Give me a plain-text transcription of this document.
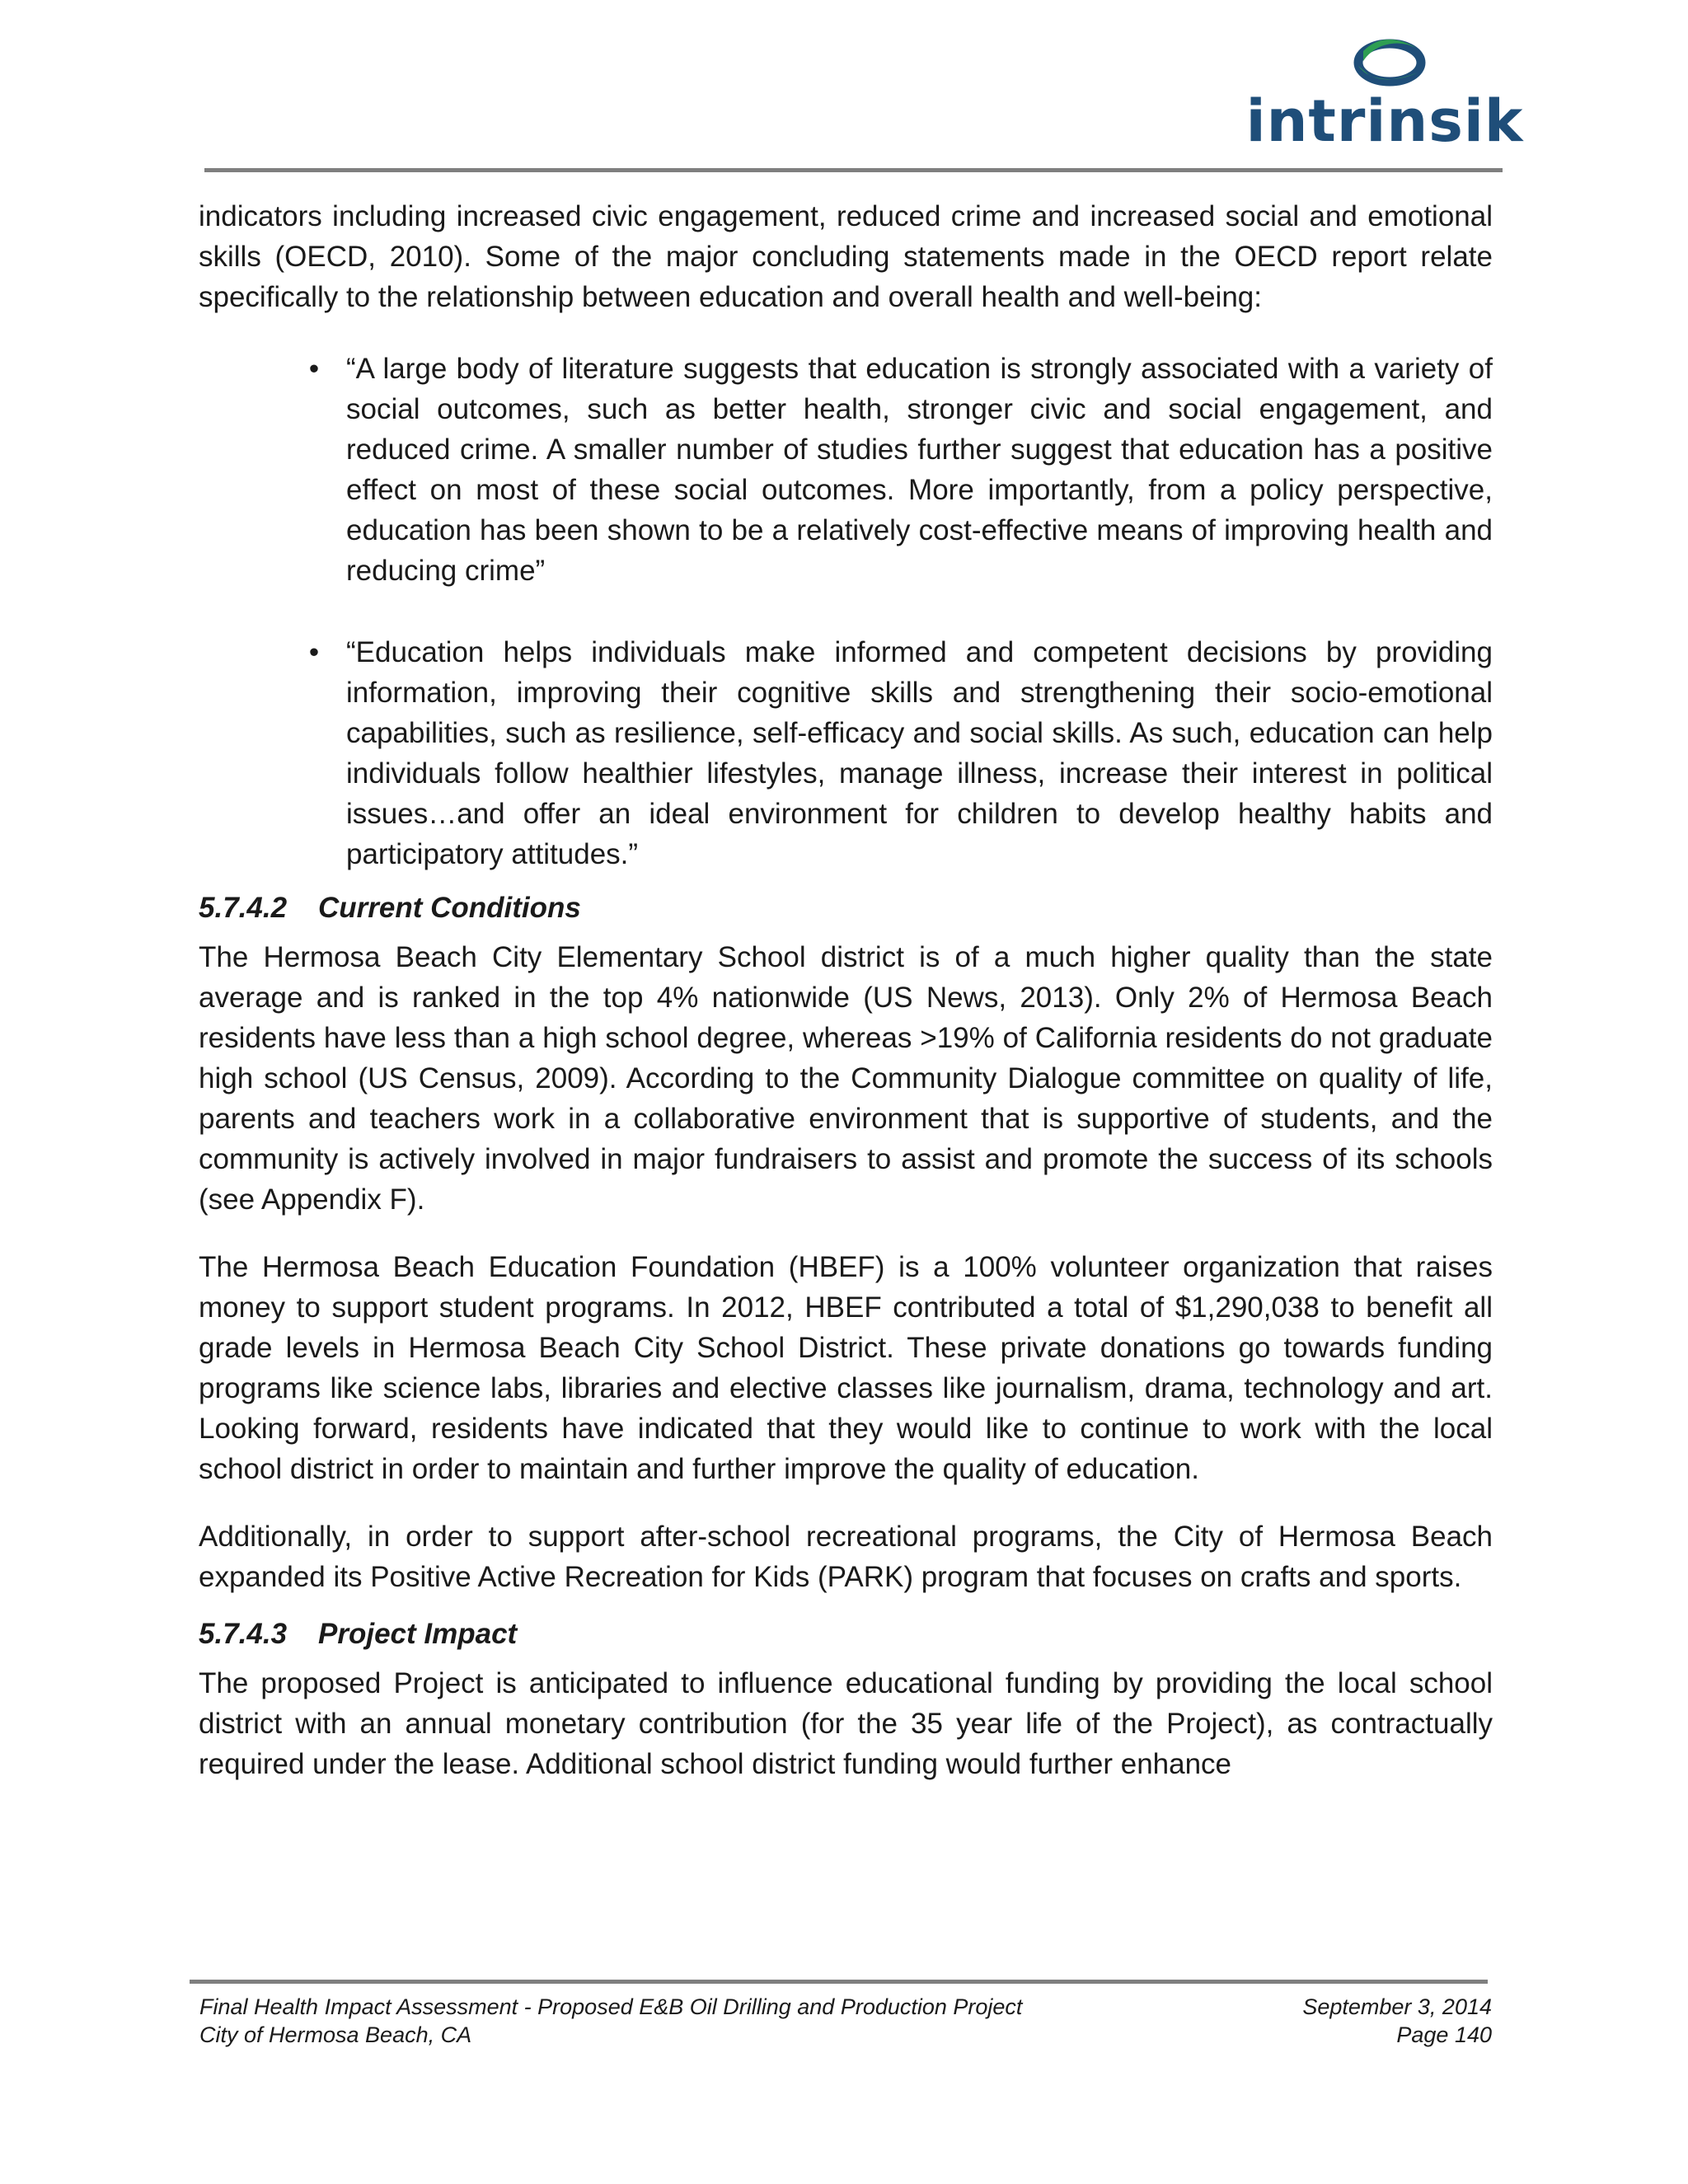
intrinsik

indicators including increased civic engagement, reduced crime and increased social and emotional skills (OECD, 2010). Some of the major concluding statements made in the OECD report relate specifically to the relationship between education and overall health and well-being:

• “A large body of literature suggests that education is strongly associated with a variety of social outcomes, such as better health, stronger civic and social engagement, and reduced crime. A smaller number of studies further suggest that education has a positive effect on most of these social outcomes. More importantly, from a policy perspective, education has been shown to be a relatively cost-effective means of improving health and reducing crime”
• “Education helps individuals make informed and competent decisions by providing information, improving their cognitive skills and strengthening their socio-emotional capabilities, such as resilience, self-efficacy and social skills. As such, education can help individuals follow healthier lifestyles, manage illness, increase their interest in political issues…and offer an ideal environment for children to develop healthy habits and participatory attitudes.”
5.7.4.2 Current Conditions

The Hermosa Beach City Elementary School district is of a much higher quality than the state average and is ranked in the top 4% nationwide (US News, 2013). Only 2% of Hermosa Beach residents have less than a high school degree, whereas >19% of California residents do not graduate high school (US Census, 2009). According to the Community Dialogue committee on quality of life, parents and teachers work in a collaborative environment that is supportive of students, and the community is actively involved in major fundraisers to assist and promote the success of its schools (see Appendix F).

The Hermosa Beach Education Foundation (HBEF) is a 100% volunteer organization that raises money to support student programs. In 2012, HBEF contributed a total of $1,290,038 to benefit all grade levels in Hermosa Beach City School District. These private donations go towards funding programs like science labs, libraries and elective classes like journalism, drama, technology and art. Looking forward, residents have indicated that they would like to continue to work with the local school district in order to maintain and further improve the quality of education.

Additionally, in order to support after-school recreational programs, the City of Hermosa Beach expanded its Positive Active Recreation for Kids (PARK) program that focuses on crafts and sports.

5.7.4.3 Project Impact

The proposed Project is anticipated to influence educational funding by providing the local school district with an annual monetary contribution (for the 35 year life of the Project), as contractually required under the lease. Additional school district funding would further enhance

Final Health Impact Assessment - Proposed E&B Oil Drilling and Production Project	September 3, 2014
City of Hermosa Beach, CA	Page 140
